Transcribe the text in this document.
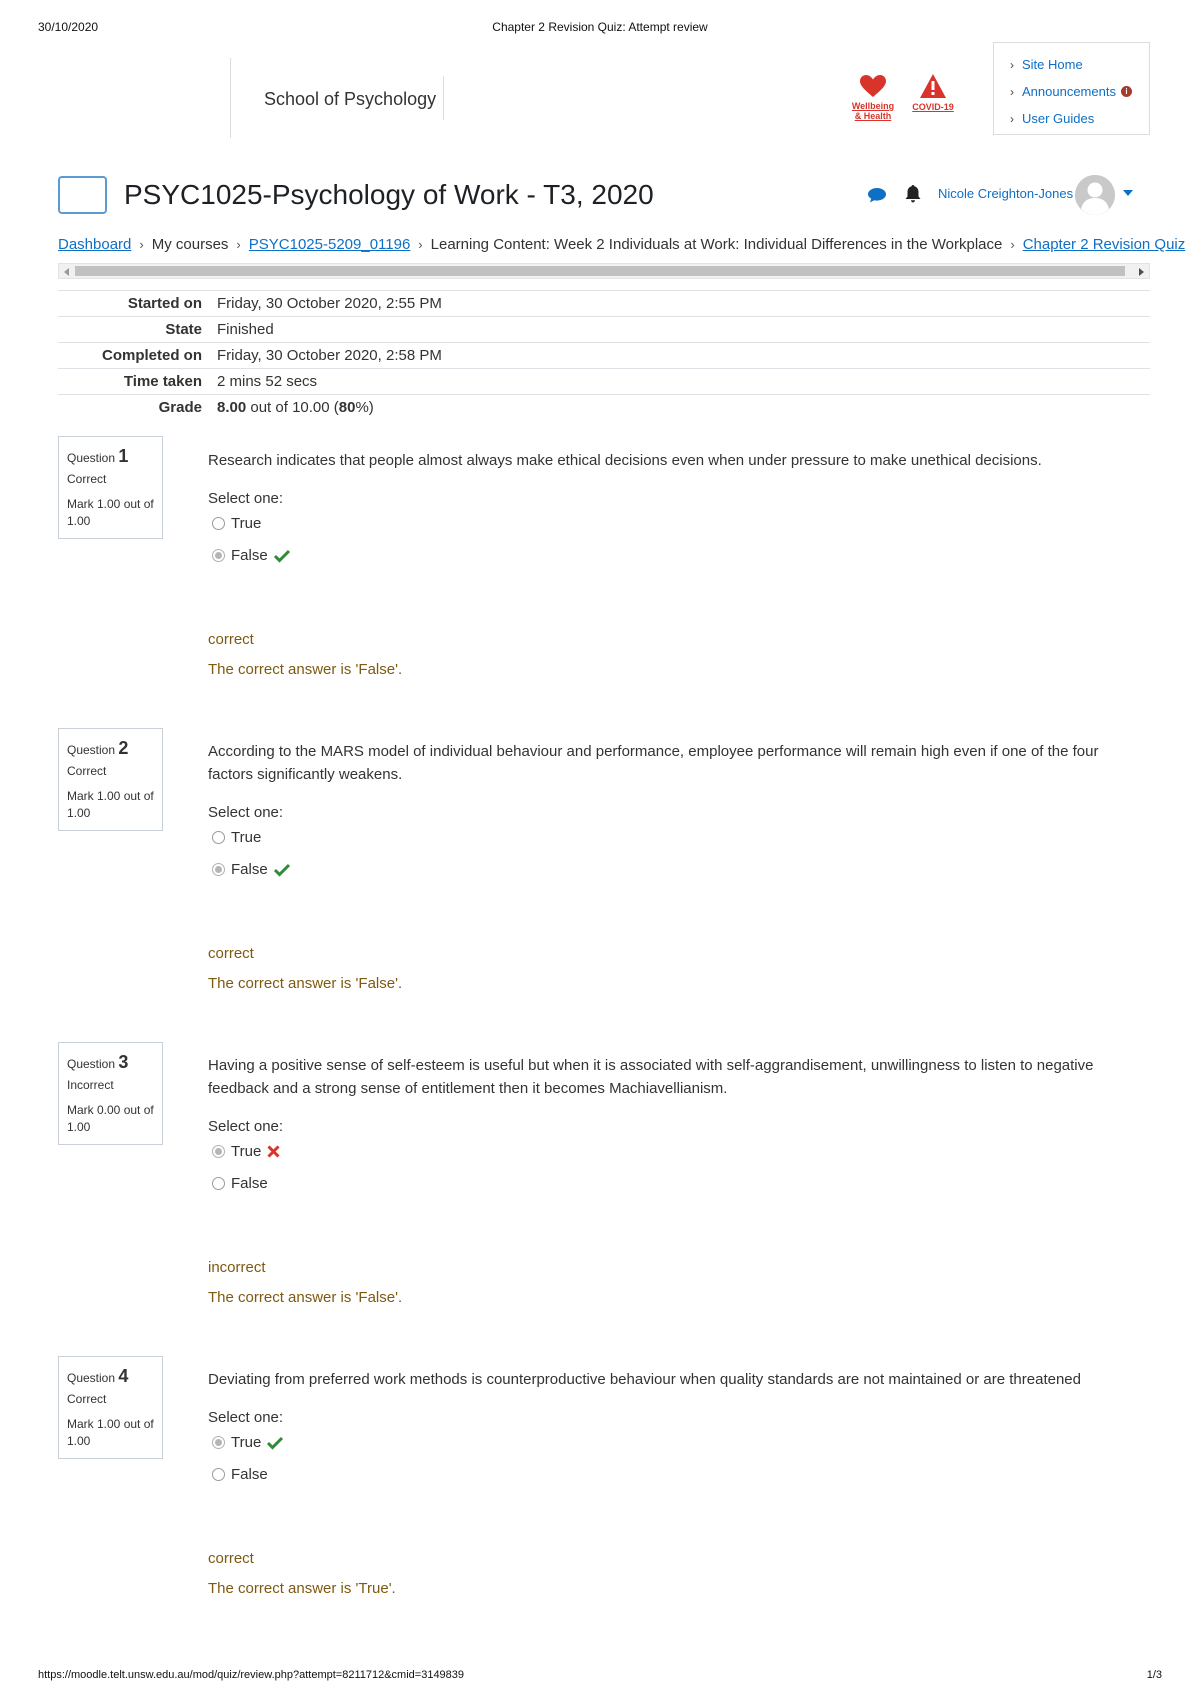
30/10/2020	Chapter 2 Revision Quiz: Attempt review
School of Psychology	Wellbeing
& Health
COVID-19
› Site Home
› Announcements	i
› User Guides
PSYC1025-Psychology of Work - T3, 2020	Nicole Creighton-Jones
Dashboard › My courses › PSYC1025-5209_01196 › Learning Content: Week 2 Individuals at Work: Individual Differences in the Workplace › Chapter 2 Revision Quiz
Started on Friday, 30 October 2020, 2:55 PM
State Finished
Completed on Friday, 30 October 2020, 2:58 PM
Time taken 2 mins 52 secs
Grade 8.00 out of 10.00 (80%)
Question 1
Correct
Mark 1.00 out of 1.00
Research indicates that people almost always make ethical decisions even when under pressure to make unethical decisions.
Select one:
True
False
correct
The correct answer is 'False'.
Question 2
Correct
Mark 1.00 out of 1.00
According to the MARS model of individual behaviour and performance, employee performance will remain high even if one of the four factors significantly weakens.
Select one:
True
False
correct
The correct answer is 'False'.
Question 3
Incorrect
Mark 0.00 out of 1.00
Having a positive sense of self-esteem is useful but when it is associated with self-aggrandisement, unwillingness to listen to negative feedback and a strong sense of entitlement then it becomes Machiavellianism.
Select one:
True
False
incorrect
The correct answer is 'False'.
Question 4
Correct
Mark 1.00 out of 1.00
Deviating from preferred work methods is counterproductive behaviour when quality standards are not maintained or are threatened
Select one:
True
False
correct
The correct answer is 'True'.
https://moodle.telt.unsw.edu.au/mod/quiz/review.php?attempt=8211712&cmid=3149839	1/3
